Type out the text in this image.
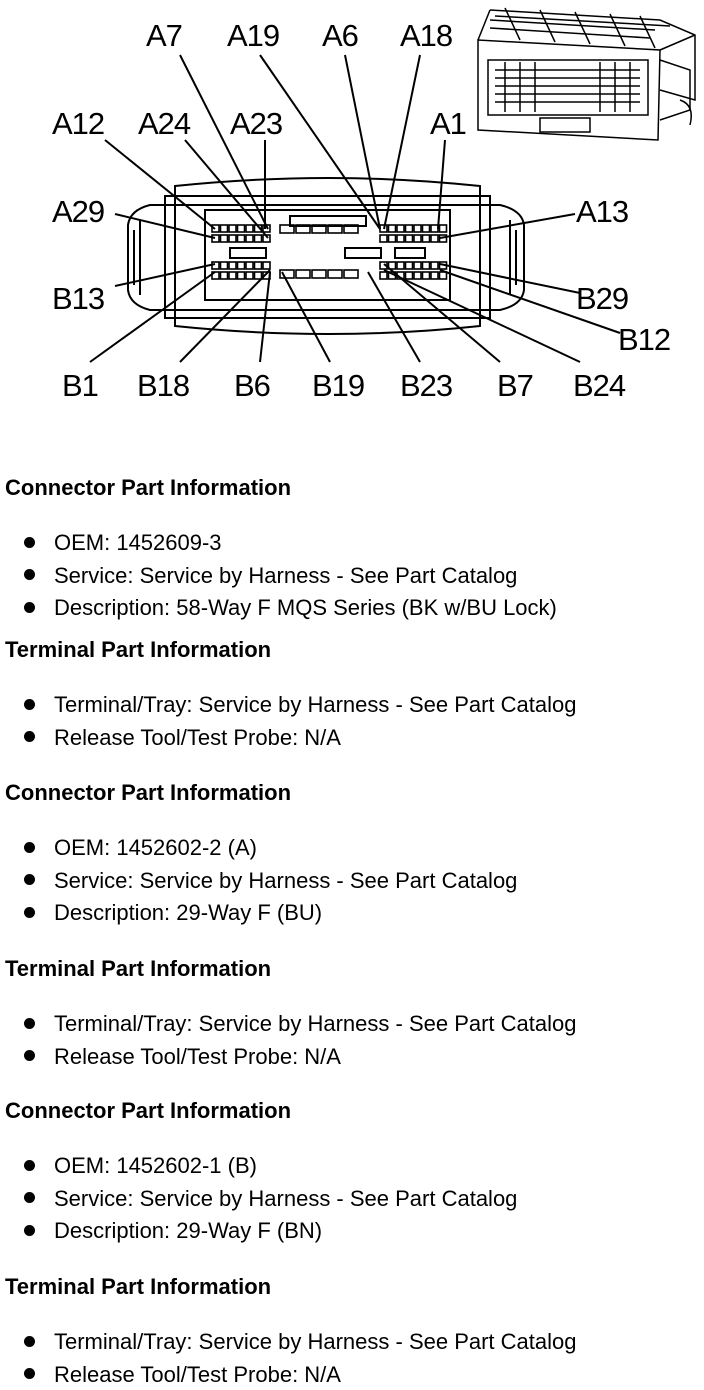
A7 A19 A6 A18
A12 A24 A23	A1
A29	A13
B13	B29
B12
B1 B18 B6 B19 B23 B7 B24
Connector Part Information
OEM: 1452609-3
Service: Service by Harness - See Part Catalog
Description: 58-Way F MQS Series (BK w/BU Lock)
Terminal Part Information
Terminal/Tray: Service by Harness - See Part Catalog
Release Tool/Test Probe: N/A
Connector Part Information
OEM: 1452602-2 (A)
Service: Service by Harness - See Part Catalog
Description: 29-Way F (BU)
Terminal Part Information
Terminal/Tray: Service by Harness - See Part Catalog
Release Tool/Test Probe: N/A
Connector Part Information
OEM: 1452602-1 (B)
Service: Service by Harness - See Part Catalog
Description: 29-Way F (BN)
Terminal Part Information
Terminal/Tray: Service by Harness - See Part Catalog
Release Tool/Test Probe: N/A
